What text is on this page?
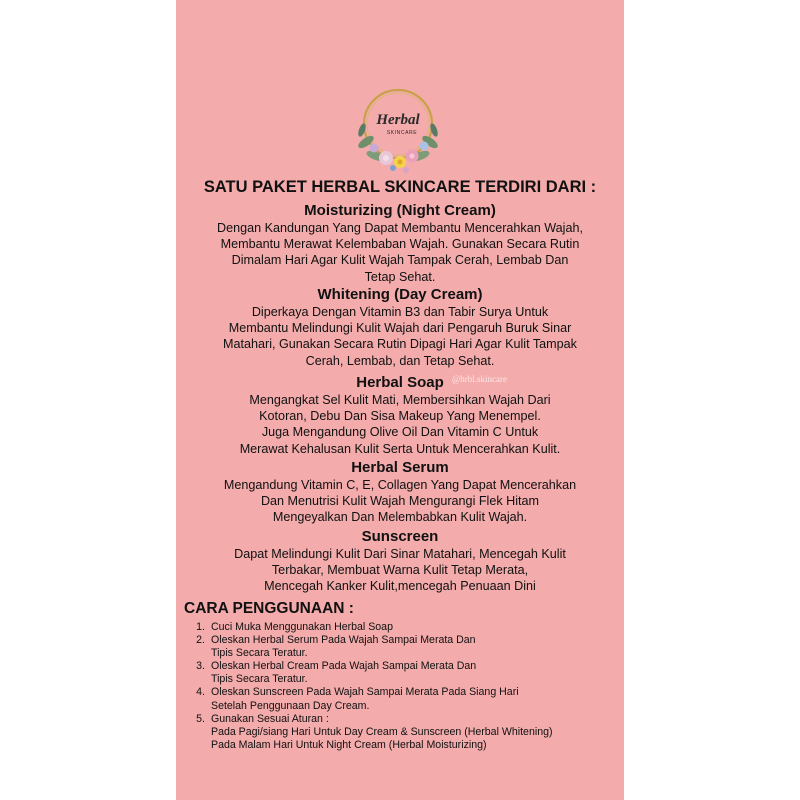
Herbal
SKINCARE
@hrbl.skincare
SATU PAKET HERBAL SKINCARE TERDIRI DARI :
Moisturizing (Night Cream)
Dengan Kandungan Yang Dapat Membantu Mencerahkan Wajah,
Membantu Merawat Kelembaban Wajah. Gunakan Secara Rutin
Dimalam Hari Agar Kulit Wajah Tampak Cerah, Lembab Dan
Tetap Sehat.
Whitening (Day Cream)
Diperkaya Dengan Vitamin B3 dan Tabir Surya Untuk
Membantu Melindungi Kulit Wajah dari Pengaruh Buruk Sinar
Matahari, Gunakan Secara Rutin Dipagi Hari Agar Kulit Tampak
Cerah, Lembab, dan Tetap Sehat.
Herbal Soap
Mengangkat Sel Kulit Mati, Membersihkan Wajah Dari
Kotoran, Debu Dan Sisa Makeup Yang Menempel.
Juga Mengandung Olive Oil Dan Vitamin C Untuk
Merawat Kehalusan Kulit Serta Untuk Mencerahkan Kulit.
Herbal Serum
Mengandung Vitamin C, E, Collagen Yang Dapat Mencerahkan
Dan Menutrisi Kulit Wajah Mengurangi Flek Hitam
Mengeyalkan Dan Melembabkan Kulit Wajah.
Sunscreen
Dapat Melindungi Kulit Dari Sinar Matahari, Mencegah Kulit
Terbakar, Membuat Warna Kulit Tetap Merata,
Mencegah Kanker Kulit,mencegah Penuaan Dini
CARA PENGGUNAAN :
1. Cuci Muka Menggunakan Herbal Soap
2. Oleskan Herbal Serum Pada Wajah Sampai Merata Dan
Tipis Secara Teratur.
3. Oleskan Herbal Cream Pada Wajah Sampai Merata Dan
Tipis Secara Teratur.
4. Oleskan Sunscreen Pada Wajah Sampai Merata Pada Siang Hari
Setelah Penggunaan Day Cream.
5. Gunakan Sesuai Aturan :
Pada Pagi/siang Hari Untuk Day Cream & Sunscreen (Herbal Whitening)
Pada Malam Hari Untuk Night Cream (Herbal Moisturizing)
